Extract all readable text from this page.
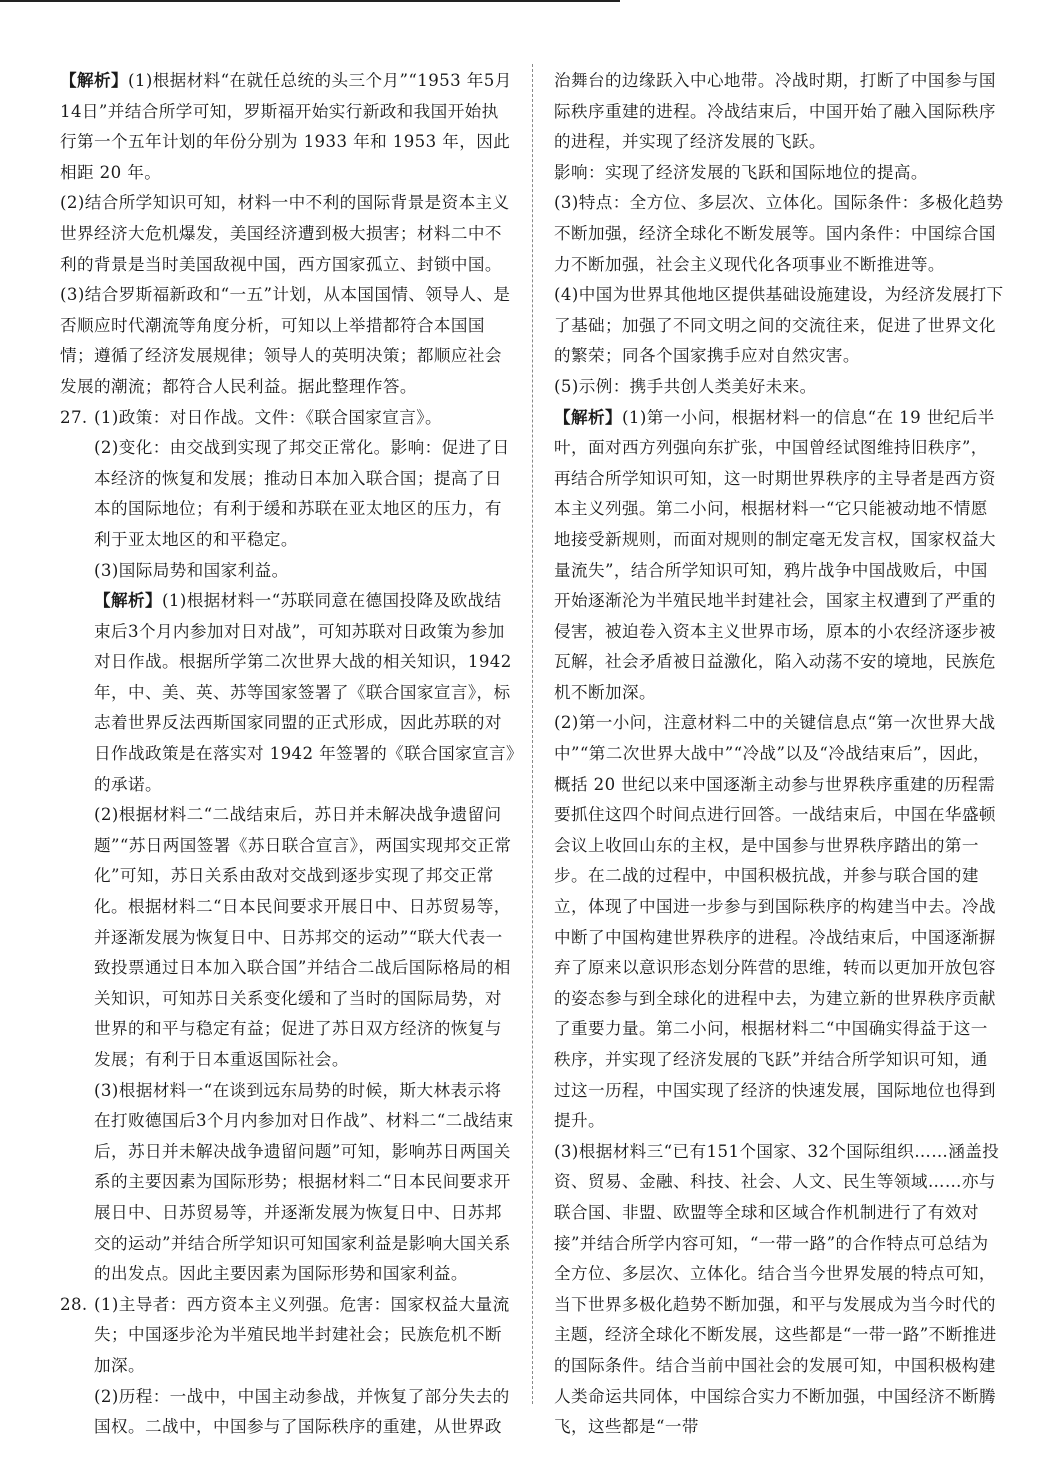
【解析】(1)根据材料“在就任总统的头三个月”“1953 年5月14日”并结合所学可知，罗斯福开始实行新政和我国开始执行第一个五年计划的年份分别为 1933 年和 1953 年，因此相距 20 年。

(2)结合所学知识可知，材料一中不利的国际背景是资本主义世界经济大危机爆发，美国经济遭到极大损害；材料二中不利的背景是当时美国敌视中国，西方国家孤立、封锁中国。

(3)结合罗斯福新政和“一五”计划，从本国国情、领导人、是否顺应时代潮流等角度分析，可知以上举措都符合本国国情；遵循了经济发展规律；领导人的英明决策；都顺应社会发展的潮流；都符合人民利益。据此整理作答。

27. (1)政策：对日作战。文件：《联合国家宣言》。

(2)变化：由交战到实现了邦交正常化。影响：促进了日本经济的恢复和发展；推动日本加入联合国；提高了日本的国际地位；有利于缓和苏联在亚太地区的压力，有利于亚太地区的和平稳定。

(3)国际局势和国家利益。

【解析】(1)根据材料一“苏联同意在德国投降及欧战结束后3个月内参加对日对战”，可知苏联对日政策为参加对日作战。根据所学第二次世界大战的相关知识，1942 年，中、美、英、苏等国家签署了《联合国家宣言》，标志着世界反法西斯国家同盟的正式形成，因此苏联的对日作战政策是在落实对 1942 年签署的《联合国家宣言》的承诺。

(2)根据材料二“二战结束后，苏日并未解决战争遗留问题”“苏日两国签署《苏日联合宣言》，两国实现邦交正常化”可知，苏日关系由敌对交战到逐步实现了邦交正常化。根据材料二“日本民间要求开展日中、日苏贸易等，并逐渐发展为恢复日中、日苏邦交的运动”“联大代表一致投票通过日本加入联合国”并结合二战后国际格局的相关知识，可知苏日关系变化缓和了当时的国际局势，对世界的和平与稳定有益；促进了苏日双方经济的恢复与发展；有利于日本重返国际社会。

(3)根据材料一“在谈到远东局势的时候，斯大林表示将在打败德国后3个月内参加对日作战”、材料二“二战结束后，苏日并未解决战争遗留问题”可知，影响苏日两国关系的主要因素为国际形势；根据材料二“日本民间要求开展日中、日苏贸易等，并逐渐发展为恢复日中、日苏邦交的运动”并结合所学知识可知国家利益是影响大国关系的出发点。因此主要因素为国际形势和国家利益。

28. (1)主导者：西方资本主义列强。危害：国家权益大量流失；中国逐步沦为半殖民地半封建社会；民族危机不断加深。

(2)历程：一战中，中国主动参战，并恢复了部分失去的国权。二战中，中国参与了国际秩序的重建，从世界政

治舞台的边缘跃入中心地带。冷战时期，打断了中国参与国际秩序重建的进程。冷战结束后，中国开始了融入国际秩序的进程，并实现了经济发展的飞跃。

影响：实现了经济发展的飞跃和国际地位的提高。

(3)特点：全方位、多层次、立体化。国际条件：多极化趋势不断加强，经济全球化不断发展等。国内条件：中国综合国力不断加强，社会主义现代化各项事业不断推进等。

(4)中国为世界其他地区提供基础设施建设，为经济发展打下了基础；加强了不同文明之间的交流往来，促进了世界文化的繁荣；同各个国家携手应对自然灾害。

(5)示例：携手共创人类美好未来。

【解析】(1)第一小问，根据材料一的信息“在 19 世纪后半叶，面对西方列强向东扩张，中国曾经试图维持旧秩序”，再结合所学知识可知，这一时期世界秩序的主导者是西方资本主义列强。第二小问，根据材料一“它只能被动地不情愿地接受新规则，而面对规则的制定毫无发言权，国家权益大量流失”，结合所学知识可知，鸦片战争中国战败后，中国开始逐渐沦为半殖民地半封建社会，国家主权遭到了严重的侵害，被迫卷入资本主义世界市场，原本的小农经济逐步被瓦解，社会矛盾被日益激化，陷入动荡不安的境地，民族危机不断加深。

(2)第一小问，注意材料二中的关键信息点“第一次世界大战中”“第二次世界大战中”“冷战”以及“冷战结束后”，因此，概括 20 世纪以来中国逐渐主动参与世界秩序重建的历程需要抓住这四个时间点进行回答。一战结束后，中国在华盛顿会议上收回山东的主权，是中国参与世界秩序踏出的第一步。在二战的过程中，中国积极抗战，并参与联合国的建立，体现了中国进一步参与到国际秩序的构建当中去。冷战中断了中国构建世界秩序的进程。冷战结束后，中国逐渐摒弃了原来以意识形态划分阵营的思维，转而以更加开放包容的姿态参与到全球化的进程中去，为建立新的世界秩序贡献了重要力量。第二小问，根据材料二“中国确实得益于这一秩序，并实现了经济发展的飞跃”并结合所学知识可知，通过这一历程，中国实现了经济的快速发展，国际地位也得到提升。

(3)根据材料三“已有151个国家、32个国际组织……涵盖投资、贸易、金融、科技、社会、人文、民生等领域……亦与联合国、非盟、欧盟等全球和区域合作机制进行了有效对接”并结合所学内容可知，“一带一路”的合作特点可总结为全方位、多层次、立体化。结合当今世界发展的特点可知，当下世界多极化趋势不断加强，和平与发展成为当今时代的主题，经济全球化不断发展，这些都是“一带一路”不断推进的国际条件。结合当前中国社会的发展可知，中国积极构建人类命运共同体，中国综合实力不断加强，中国经济不断腾飞，这些都是“一带
